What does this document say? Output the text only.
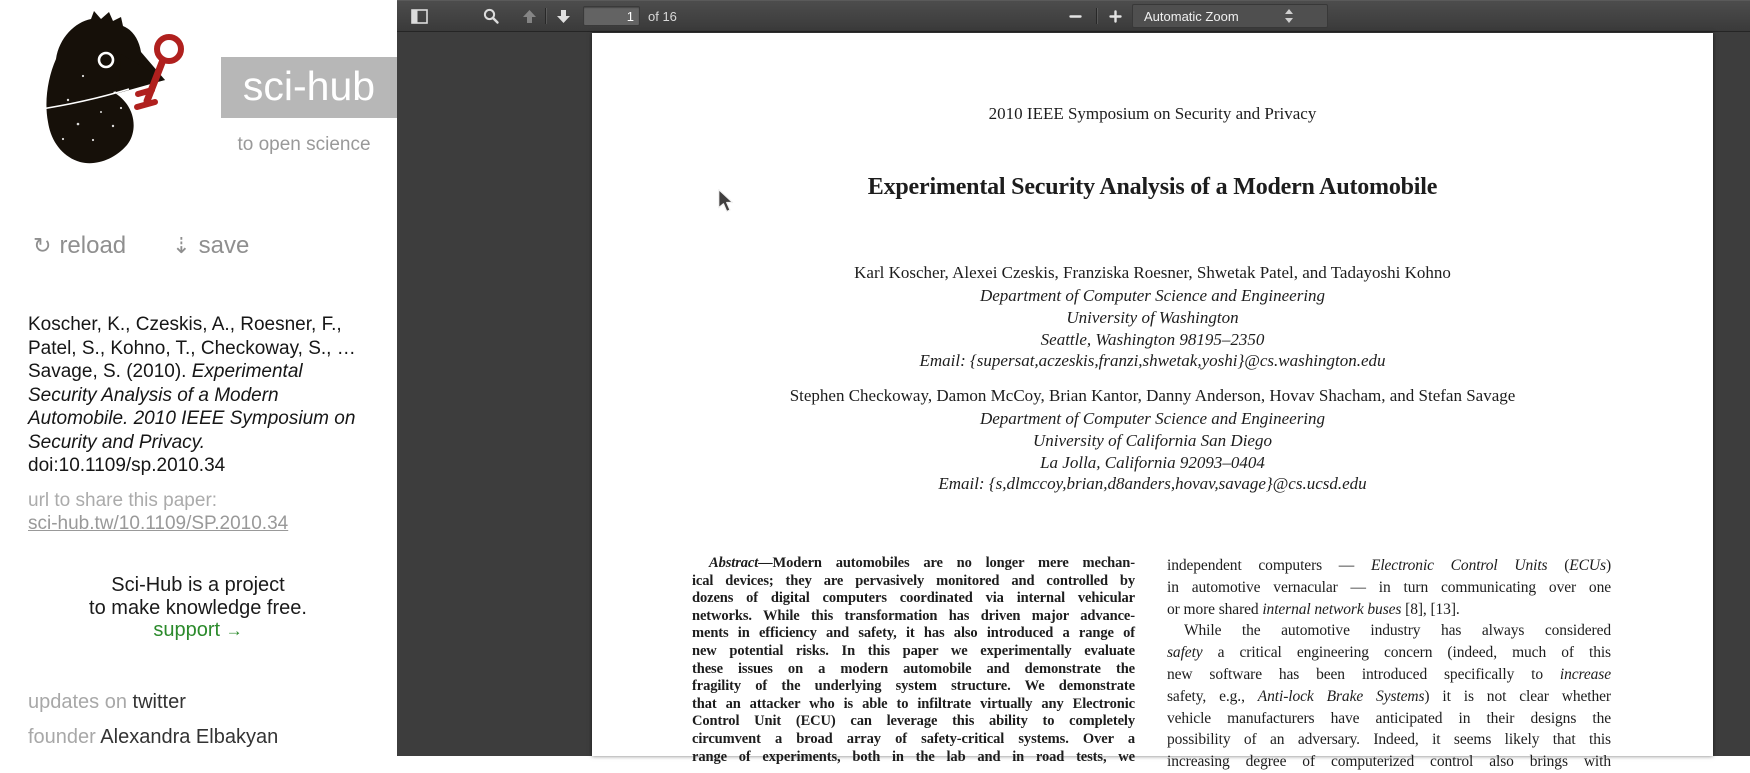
sci-hub
to open science
↻ reload ⇣ save
Koscher, K., Czeskis, A., Roesner, F., Patel, S., Kohno, T., Checkoway, S., … Savage, S. (2010). Experimental Security Analysis of a Modern Automobile. 2010 IEEE Symposium on Security and Privacy.
doi:10.1109/sp.2010.34
url to share this paper:
sci-hub.tw/10.1109/SP.2010.34
Sci-Hub is a project
to make knowledge free.
support →
updates on twitter
founder Alexandra Elbakyan
1
of 16	Automatic Zoom
2010 IEEE Symposium on Security and Privacy
Experimental Security Analysis of a Modern Automobile
Karl Koscher, Alexei Czeskis, Franziska Roesner, Shwetak Patel, and Tadayoshi Kohno
Department of Computer Science and Engineering
University of Washington
Seattle, Washington 98195–2350
Email: {supersat,aczeskis,franzi,shwetak,yoshi}@cs.washington.edu
Stephen Checkoway, Damon McCoy, Brian Kantor, Danny Anderson, Hovav Shacham, and Stefan Savage
Department of Computer Science and Engineering
University of California San Diego
La Jolla, California 92093–0404
Email: {s,dlmccoy,brian,d8anders,hovav,savage}@cs.ucsd.edu
Abstract—Modern automobiles are no longer mere mechan-
ical devices; they are pervasively monitored and controlled by
dozens of digital computers coordinated via internal vehicular
networks. While this transformation has driven major advance-
ments in efficiency and safety, it has also introduced a range of
new potential risks. In this paper we experimentally evaluate
these issues on a modern automobile and demonstrate the
fragility of the underlying system structure. We demonstrate
that an attacker who is able to infiltrate virtually any Electronic
Control Unit (ECU) can leverage this ability to completely
circumvent a broad array of safety-critical systems. Over a
range of experiments, both in the lab and in road tests, we
independent computers — Electronic Control Units (ECUs)
in automotive vernacular — in turn communicating over one
or more shared internal network buses [8], [13].
While the automotive industry has always considered
safety a critical engineering concern (indeed, much of this
new software has been introduced specifically to increase
safety, e.g., Anti-lock Brake Systems) it is not clear whether
vehicle manufacturers have anticipated in their designs the
possibility of an adversary. Indeed, it seems likely that this
increasing degree of computerized control also brings with
